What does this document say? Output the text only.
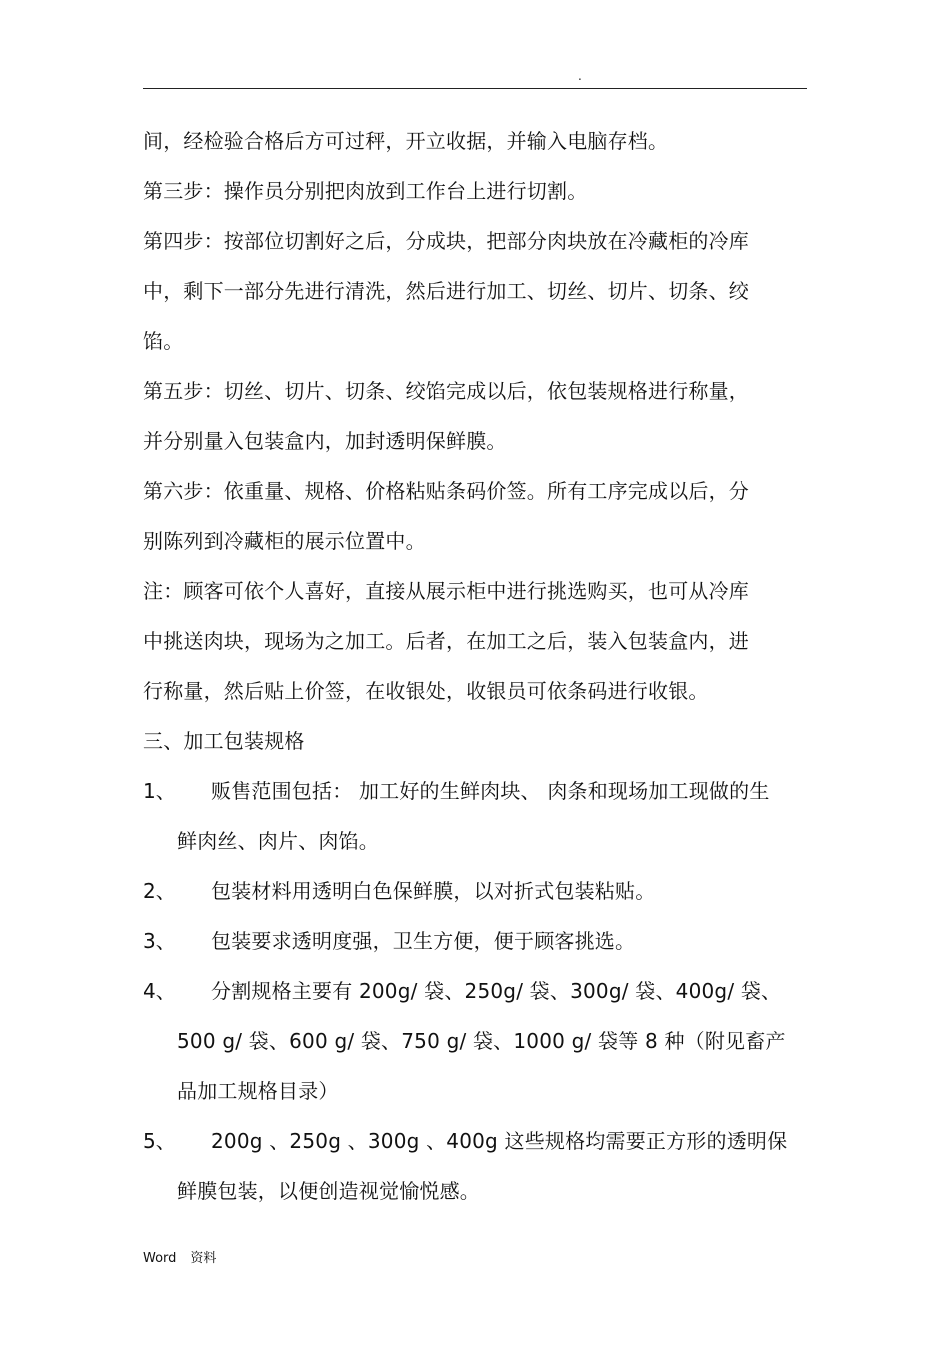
.
间，经检验合格后方可过秤，开立收据，并输入电脑存档。
第三步：操作员分别把肉放到工作台上进行切割。
第四步：按部位切割好之后，分成块，把部分肉块放在冷藏柜的冷库
中，剩下一部分先进行清洗，然后进行加工、切丝、切片、切条、绞
馅。
第五步：切丝、切片、切条、绞馅完成以后，依包装规格进行称量，
并分别量入包装盒内，加封透明保鲜膜。
第六步：依重量、规格、价格粘贴条码价签。所有工序完成以后，分
别陈列到冷藏柜的展示位置中。
注：顾客可依个人喜好，直接从展示柜中进行挑选购买，也可从冷库
中挑送肉块，现场为之加工。后者，在加工之后，装入包装盒内，进
行称量，然后贴上价签，在收银处，收银员可依条码进行收银。
三、加工包装规格
1、 贩售范围包括： 加工好的生鲜肉块、 肉条和现场加工现做的生
鲜肉丝、肉片、肉馅。
2、 包装材料用透明白色保鲜膜，以对折式包装粘贴。
3、 包装要求透明度强，卫生方便，便于顾客挑选。
4、 分割规格主要有 200g/ 袋、250g/ 袋、300g/ 袋、400g/ 袋、
500 g/ 袋、600 g/ 袋、750 g/ 袋、1000 g/ 袋等 8 种（附见畜产
品加工规格目录）
5、 200g 、250g 、300g 、400g 这些规格均需要正方形的透明保
鲜膜包装，以便创造视觉愉悦感。
Word 资料
